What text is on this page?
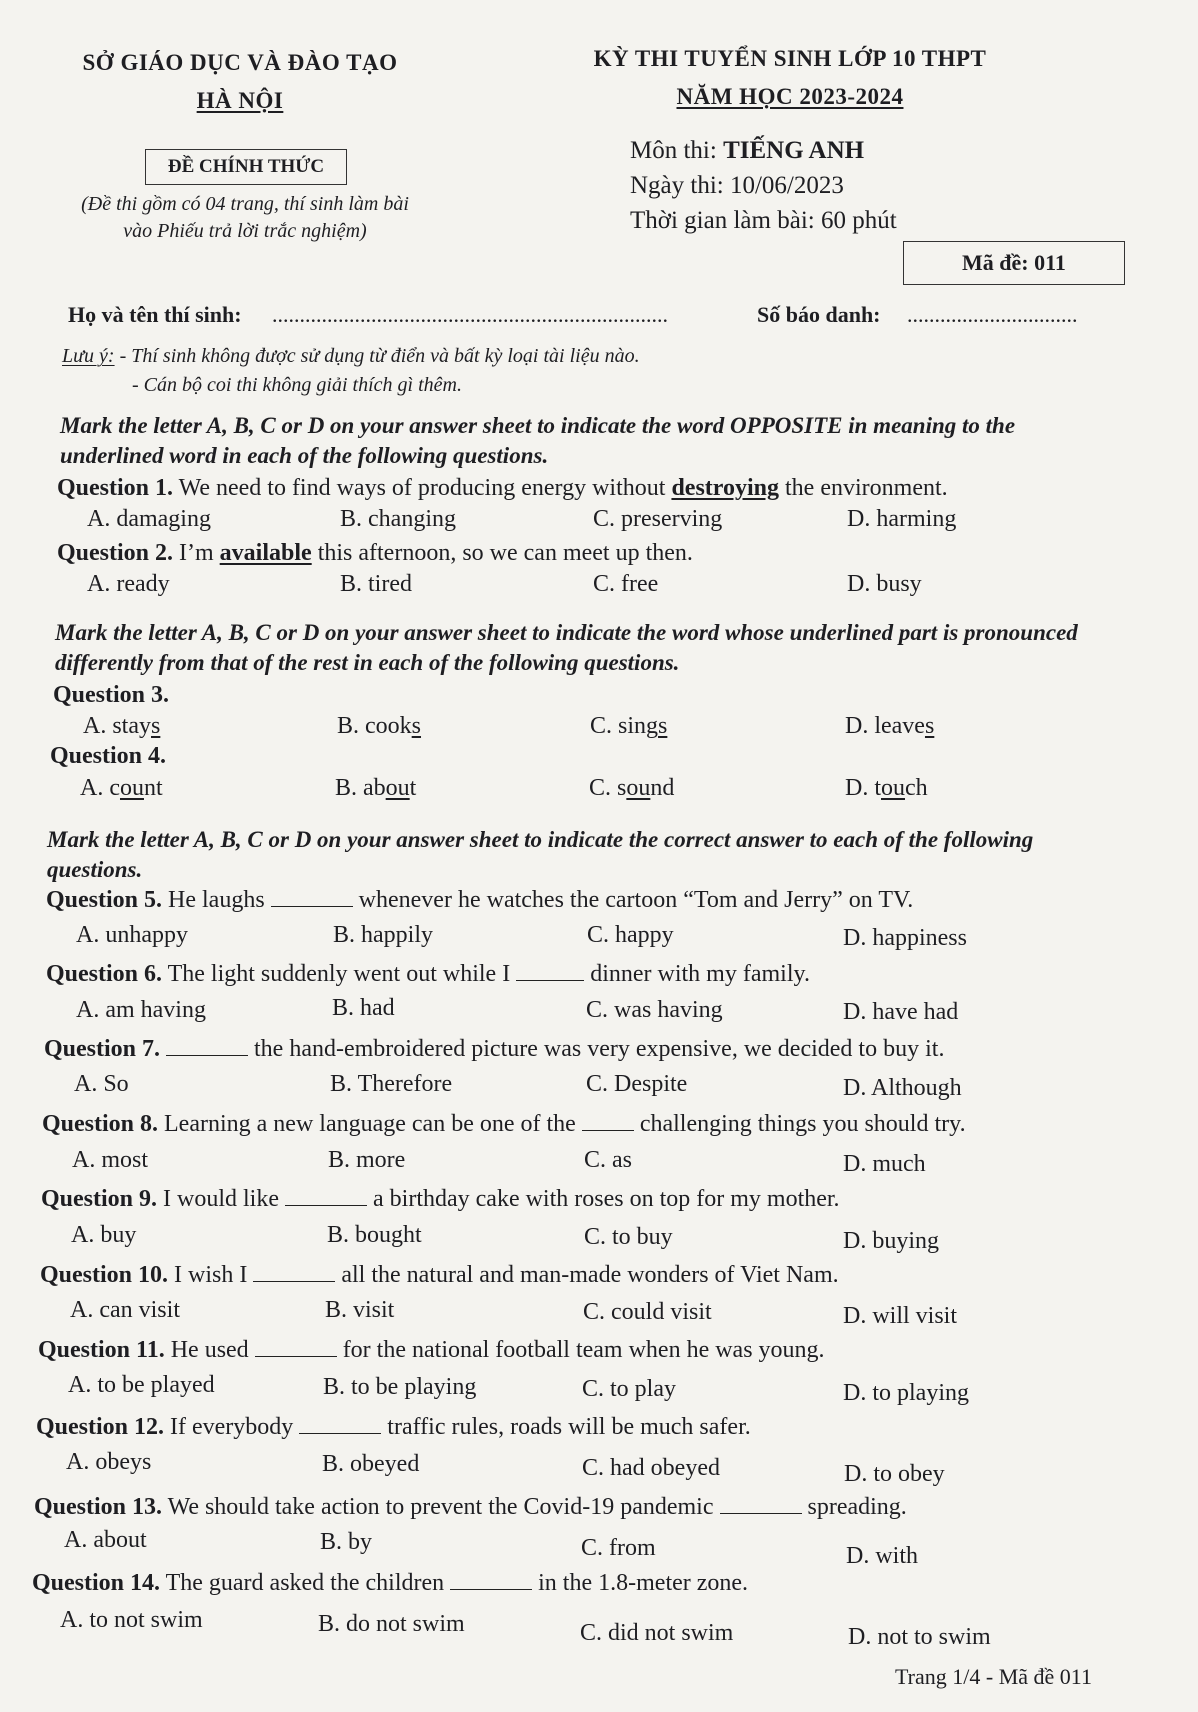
SỞ GIÁO DỤC VÀ ĐÀO TẠO
HÀ NỘI
KỲ THI TUYỂN SINH LỚP 10 THPT
NĂM HỌC 2023-2024
ĐỀ CHÍNH THỨC
(Đề thi gồm có 04 trang, thí sinh làm bài
vào Phiếu trả lời trắc nghiệm)
Môn thi: TIẾNG ANH
Ngày thi: 10/06/2023
Thời gian làm bài: 60 phút
Mã đề: 011
Họ và tên thí sinh: ........................................................................	Số báo danh: ...............................
Lưu ý: - Thí sinh không được sử dụng từ điển và bất kỳ loại tài liệu nào.
- Cán bộ coi thi không giải thích gì thêm.
Mark the letter A, B, C or D on your answer sheet to indicate the word OPPOSITE in meaning to the underlined word in each of the following questions.
Question 1. We need to find ways of producing energy without destroying the environment.
A. damaging	B. changing	C. preserving	D. harming
Question 2. I’m available this afternoon, so we can meet up then.
A. ready	B. tired	C. free	D. busy
Mark the letter A, B, C or D on your answer sheet to indicate the word whose underlined part is pronounced differently from that of the rest in each of the following questions.
Question 3.
A. stays	B. cooks	C. sings	D. leaves
Question 4.
A. count	B. about	C. sound	D. touch
Mark the letter A, B, C or D on your answer sheet to indicate the correct answer to each of the following questions.
Question 5. He laughs	whenever he watches the cartoon “Tom and Jerry” on TV.
A. unhappy	B. happily	C. happy	D. happiness
Question 6. The light suddenly went out while I	dinner with my family.
A. am having	B. had	C. was having	D. have had
Question 7.	the hand-embroidered picture was very expensive, we decided to buy it.
A. So	B. Therefore	C. Despite	D. Although
Question 8. Learning a new language can be one of the  challenging things you should try.
A. most	B. more	C. as	D. much
Question 9. I would like	a birthday cake with roses on top for my mother.
A. buy	B. bought	C. to buy	D. buying
Question 10. I wish I	all the natural and man-made wonders of Viet Nam.
A. can visit	B. visit	C. could visit	D. will visit
Question 11. He used	for the national football team when he was young.
A. to be played	B. to be playing	C. to play	D. to playing
Question 12. If everybody	traffic rules, roads will be much safer.
A. obeys	B. obeyed	C. had obeyed	D. to obey
Question 13. We should take action to prevent the Covid-19 pandemic	spreading.
A. about	B. by	C. from	D. with
Question 14. The guard asked the children	in the 1.8-meter zone.
A. to not swim	B. do not swim	C. did not swim	D. not to swim
Trang 1/4 - Mã đề 011
